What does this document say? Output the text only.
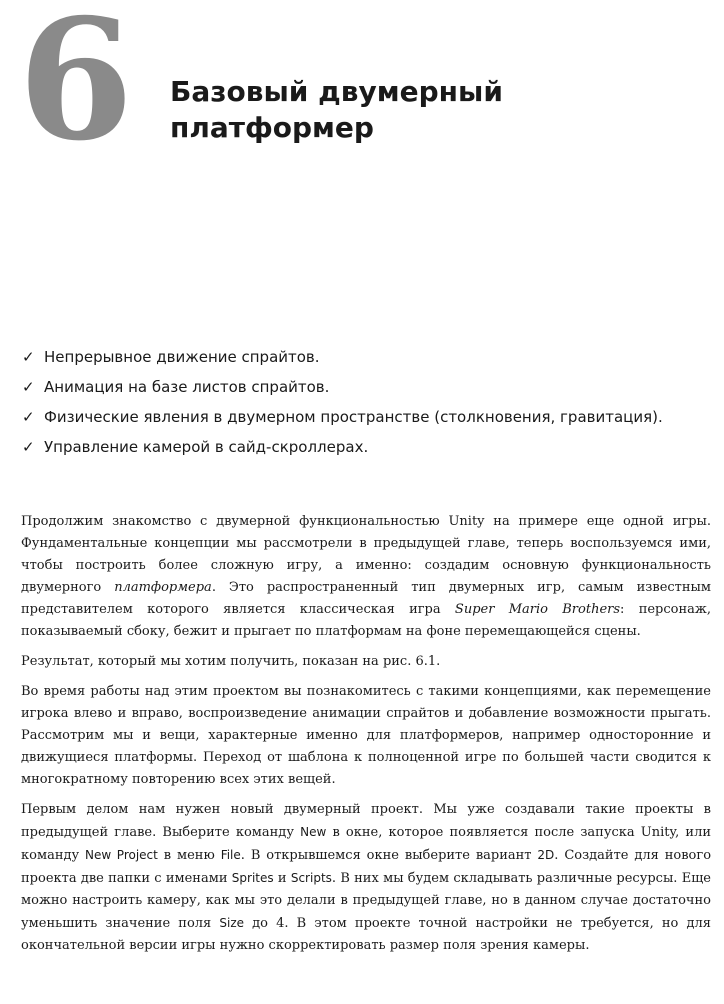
6 Базовый двумерный
платформер
✓ Непрерывное движение спрайтов.
✓ Анимация на базе листов спрайтов.
✓ Физические явления в двумерном пространстве (столкновения, гравитация).
✓ Управление камерой в сайд-скроллерах.

Продолжим знакомство с двумерной функциональностью Unity на примере еще одной игры. Фундаментальные концепции мы рассмотрели в предыдущей главе, теперь воспользуемся ими, чтобы построить более сложную игру, а именно: создадим основную функциональность двумерного платформера. Это распространенный тип двумерных игр, самым известным представителем которого является классическая игра Super Mario Brothers: персонаж, показываемый сбоку, бежит и прыгает по платформам на фоне перемещающейся сцены.

Результат, который мы хотим получить, показан на рис. 6.1.

Во время работы над этим проектом вы познакомитесь с такими концепциями, как перемещение игрока влево и вправо, воспроизведение анимации спрайтов и добавление возможности прыгать. Рассмотрим мы и вещи, характерные именно для платформеров, например односторонние и движущиеся платформы. Переход от шаблона к полноценной игре по большей части сводится к многократному повторению всех этих вещей.

Первым делом нам нужен новый двумерный проект. Мы уже создавали такие проекты в предыдущей главе. Выберите команду New в окне, которое появляется после запуска Unity, или команду New Project в меню File. В открывшемся окне выберите вариант 2D. Создайте для нового проекта две папки с именами Sprites и Scripts. В них мы будем складывать различные ресурсы. Еще можно настроить камеру, как мы это делали в предыдущей главе, но в данном случае достаточно уменьшить значение поля Size до 4. В этом проекте точной настройки не требуется, но для окончательной версии игры нужно скорректировать размер поля зрения камеры.
